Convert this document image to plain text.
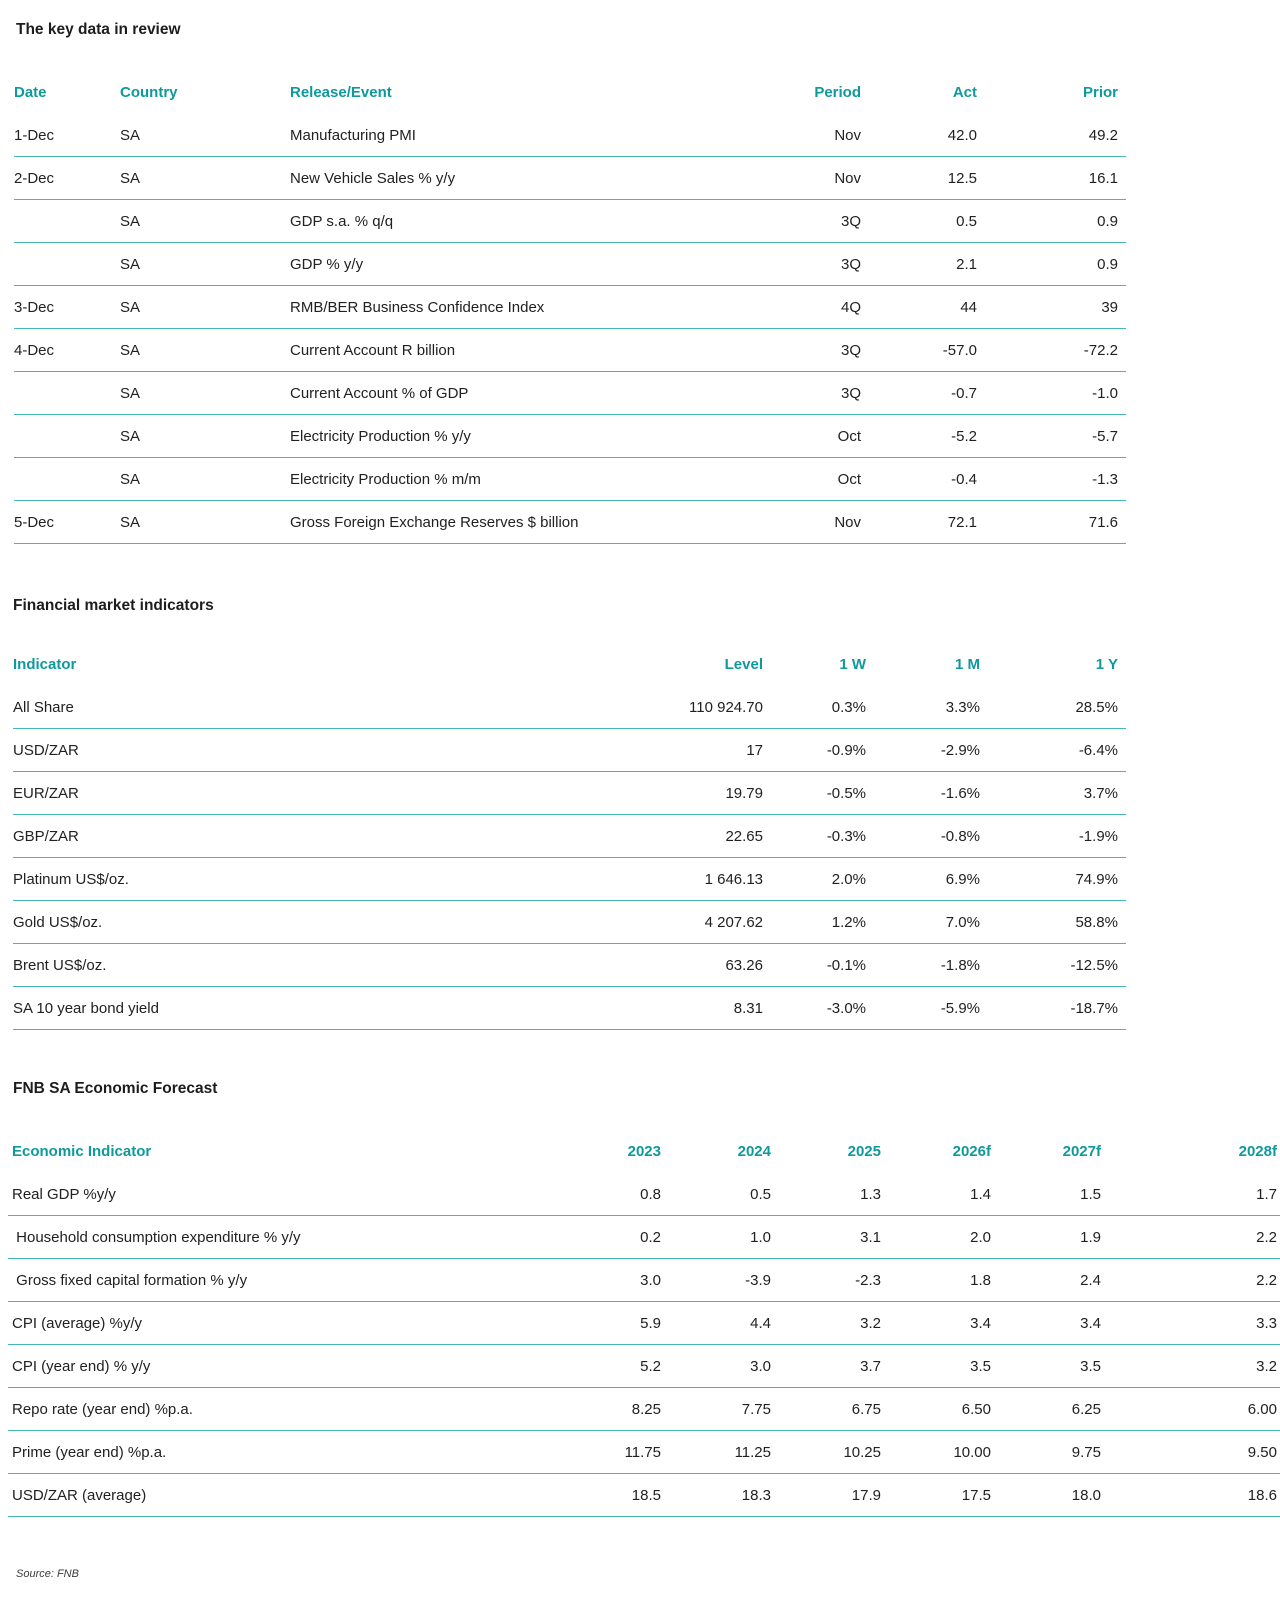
The key data in review
Date	Country	Release/Event	Period	Act	Prior
1-Dec	SA	Manufacturing PMI	Nov	42.0	49.2
2-Dec	SA	New Vehicle Sales % y/y	Nov	12.5	16.1
	SA	GDP s.a. % q/q	3Q	0.5	0.9
	SA	GDP % y/y	3Q	2.1	0.9
3-Dec	SA	RMB/BER Business Confidence Index	4Q	44	39
4-Dec	SA	Current Account R billion	3Q	-57.0	-72.2
	SA	Current Account % of GDP	3Q	-0.7	-1.0
	SA	Electricity Production % y/y	Oct	-5.2	-5.7
	SA	Electricity Production % m/m	Oct	-0.4	-1.3
5-Dec	SA	Gross Foreign Exchange Reserves $ billion	Nov	72.1	71.6
Financial market indicators
Indicator	Level	1 W	1 M	1 Y
All Share	110 924.70	0.3%	3.3%	28.5%
USD/ZAR	17	-0.9%	-2.9%	-6.4%
EUR/ZAR	19.79	-0.5%	-1.6%	3.7%
GBP/ZAR	22.65	-0.3%	-0.8%	-1.9%
Platinum US$/oz.	1 646.13	2.0%	6.9%	74.9%
Gold US$/oz.	4 207.62	1.2%	7.0%	58.8%
Brent US$/oz.	63.26	-0.1%	-1.8%	-12.5%
SA 10 year bond yield	8.31	-3.0%	-5.9%	-18.7%
FNB SA Economic Forecast
Economic Indicator	2023	2024	2025	2026f	2027f	2028f
Real GDP %y/y	0.8	0.5	1.3	1.4	1.5	1.7
Household consumption expenditure % y/y	0.2	1.0	3.1	2.0	1.9	2.2
Gross fixed capital formation % y/y	3.0	-3.9	-2.3	1.8	2.4	2.2
CPI (average) %y/y	5.9	4.4	3.2	3.4	3.4	3.3
CPI (year end) % y/y	5.2	3.0	3.7	3.5	3.5	3.2
Repo rate (year end) %p.a.	8.25	7.75	6.75	6.50	6.25	6.00
Prime (year end) %p.a.	11.75	11.25	10.25	10.00	9.75	9.50
USD/ZAR (average)	18.5	18.3	17.9	17.5	18.0	18.6
Source: FNB
